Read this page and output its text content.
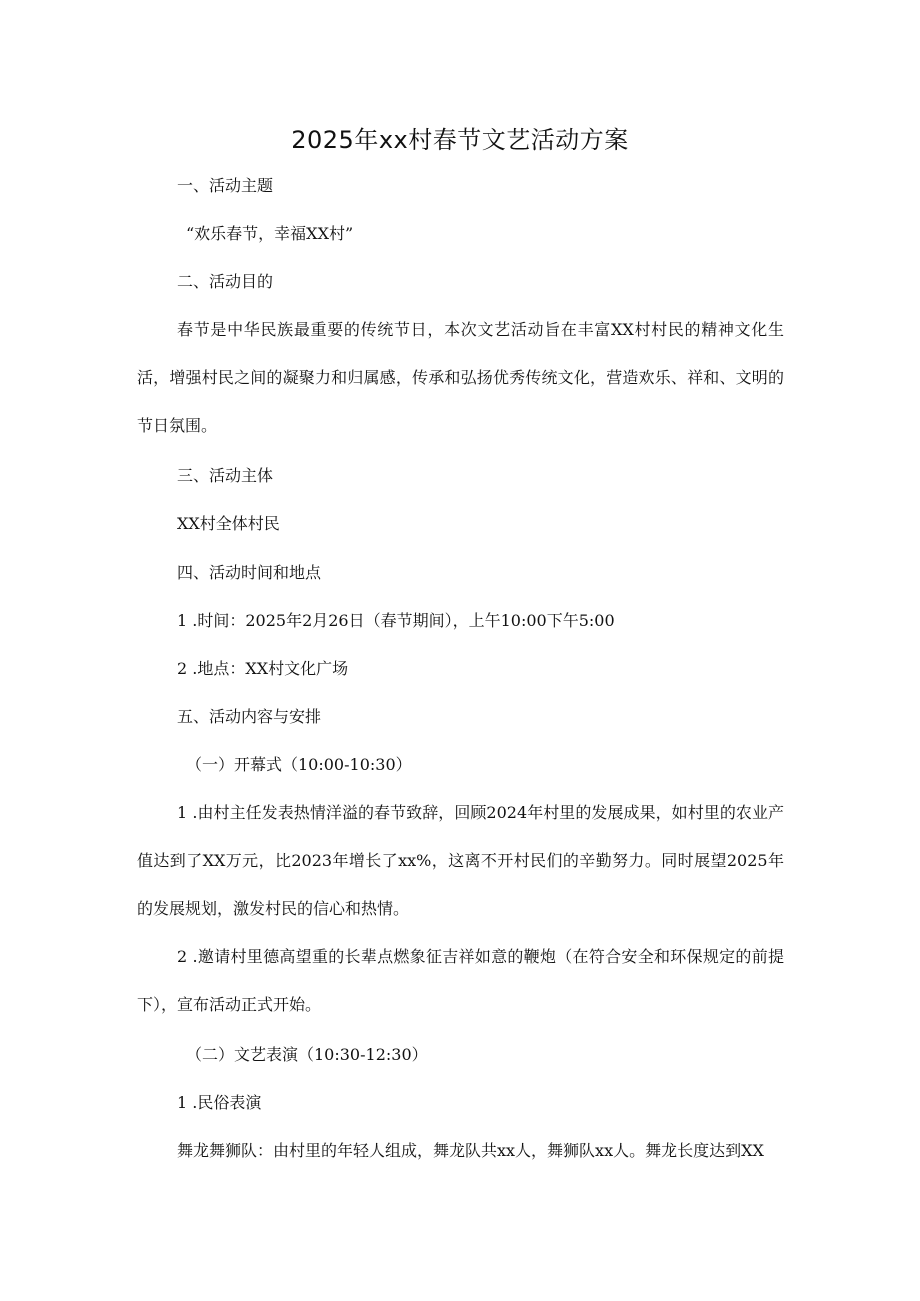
2025年xx村春节文艺活动方案
一、活动主题
“欢乐春节，幸福XX村”
二、活动目的

春节是中华民族最重要的传统节日，本次文艺活动旨在丰富XX村村民的精神文化生活，增强村民之间的凝聚力和归属感，传承和弘扬优秀传统文化，营造欢乐、祥和、文明的节日氛围。

三、活动主体
XX村全体村民
四、活动时间和地点
1 .时间：2025年2月26日（春节期间），上午10:00下午5:00
2 .地点：XX村文化广场
五、活动内容与安排
（一）开幕式（10:00-10:30）

1 .由村主任发表热情洋溢的春节致辞，回顾2024年村里的发展成果，如村里的农业产值达到了XX万元，比2023年增长了xx%，这离不开村民们的辛勤努力。同时展望2025年的发展规划，激发村民的信心和热情。

2 .邀请村里德高望重的长辈点燃象征吉祥如意的鞭炮（在符合安全和环保规定的前提下），宣布活动正式开始。

（二）文艺表演（10:30-12:30）
1 .民俗表演
舞龙舞狮队：由村里的年轻人组成，舞龙队共xx人，舞狮队xx人。舞龙长度达到XX
